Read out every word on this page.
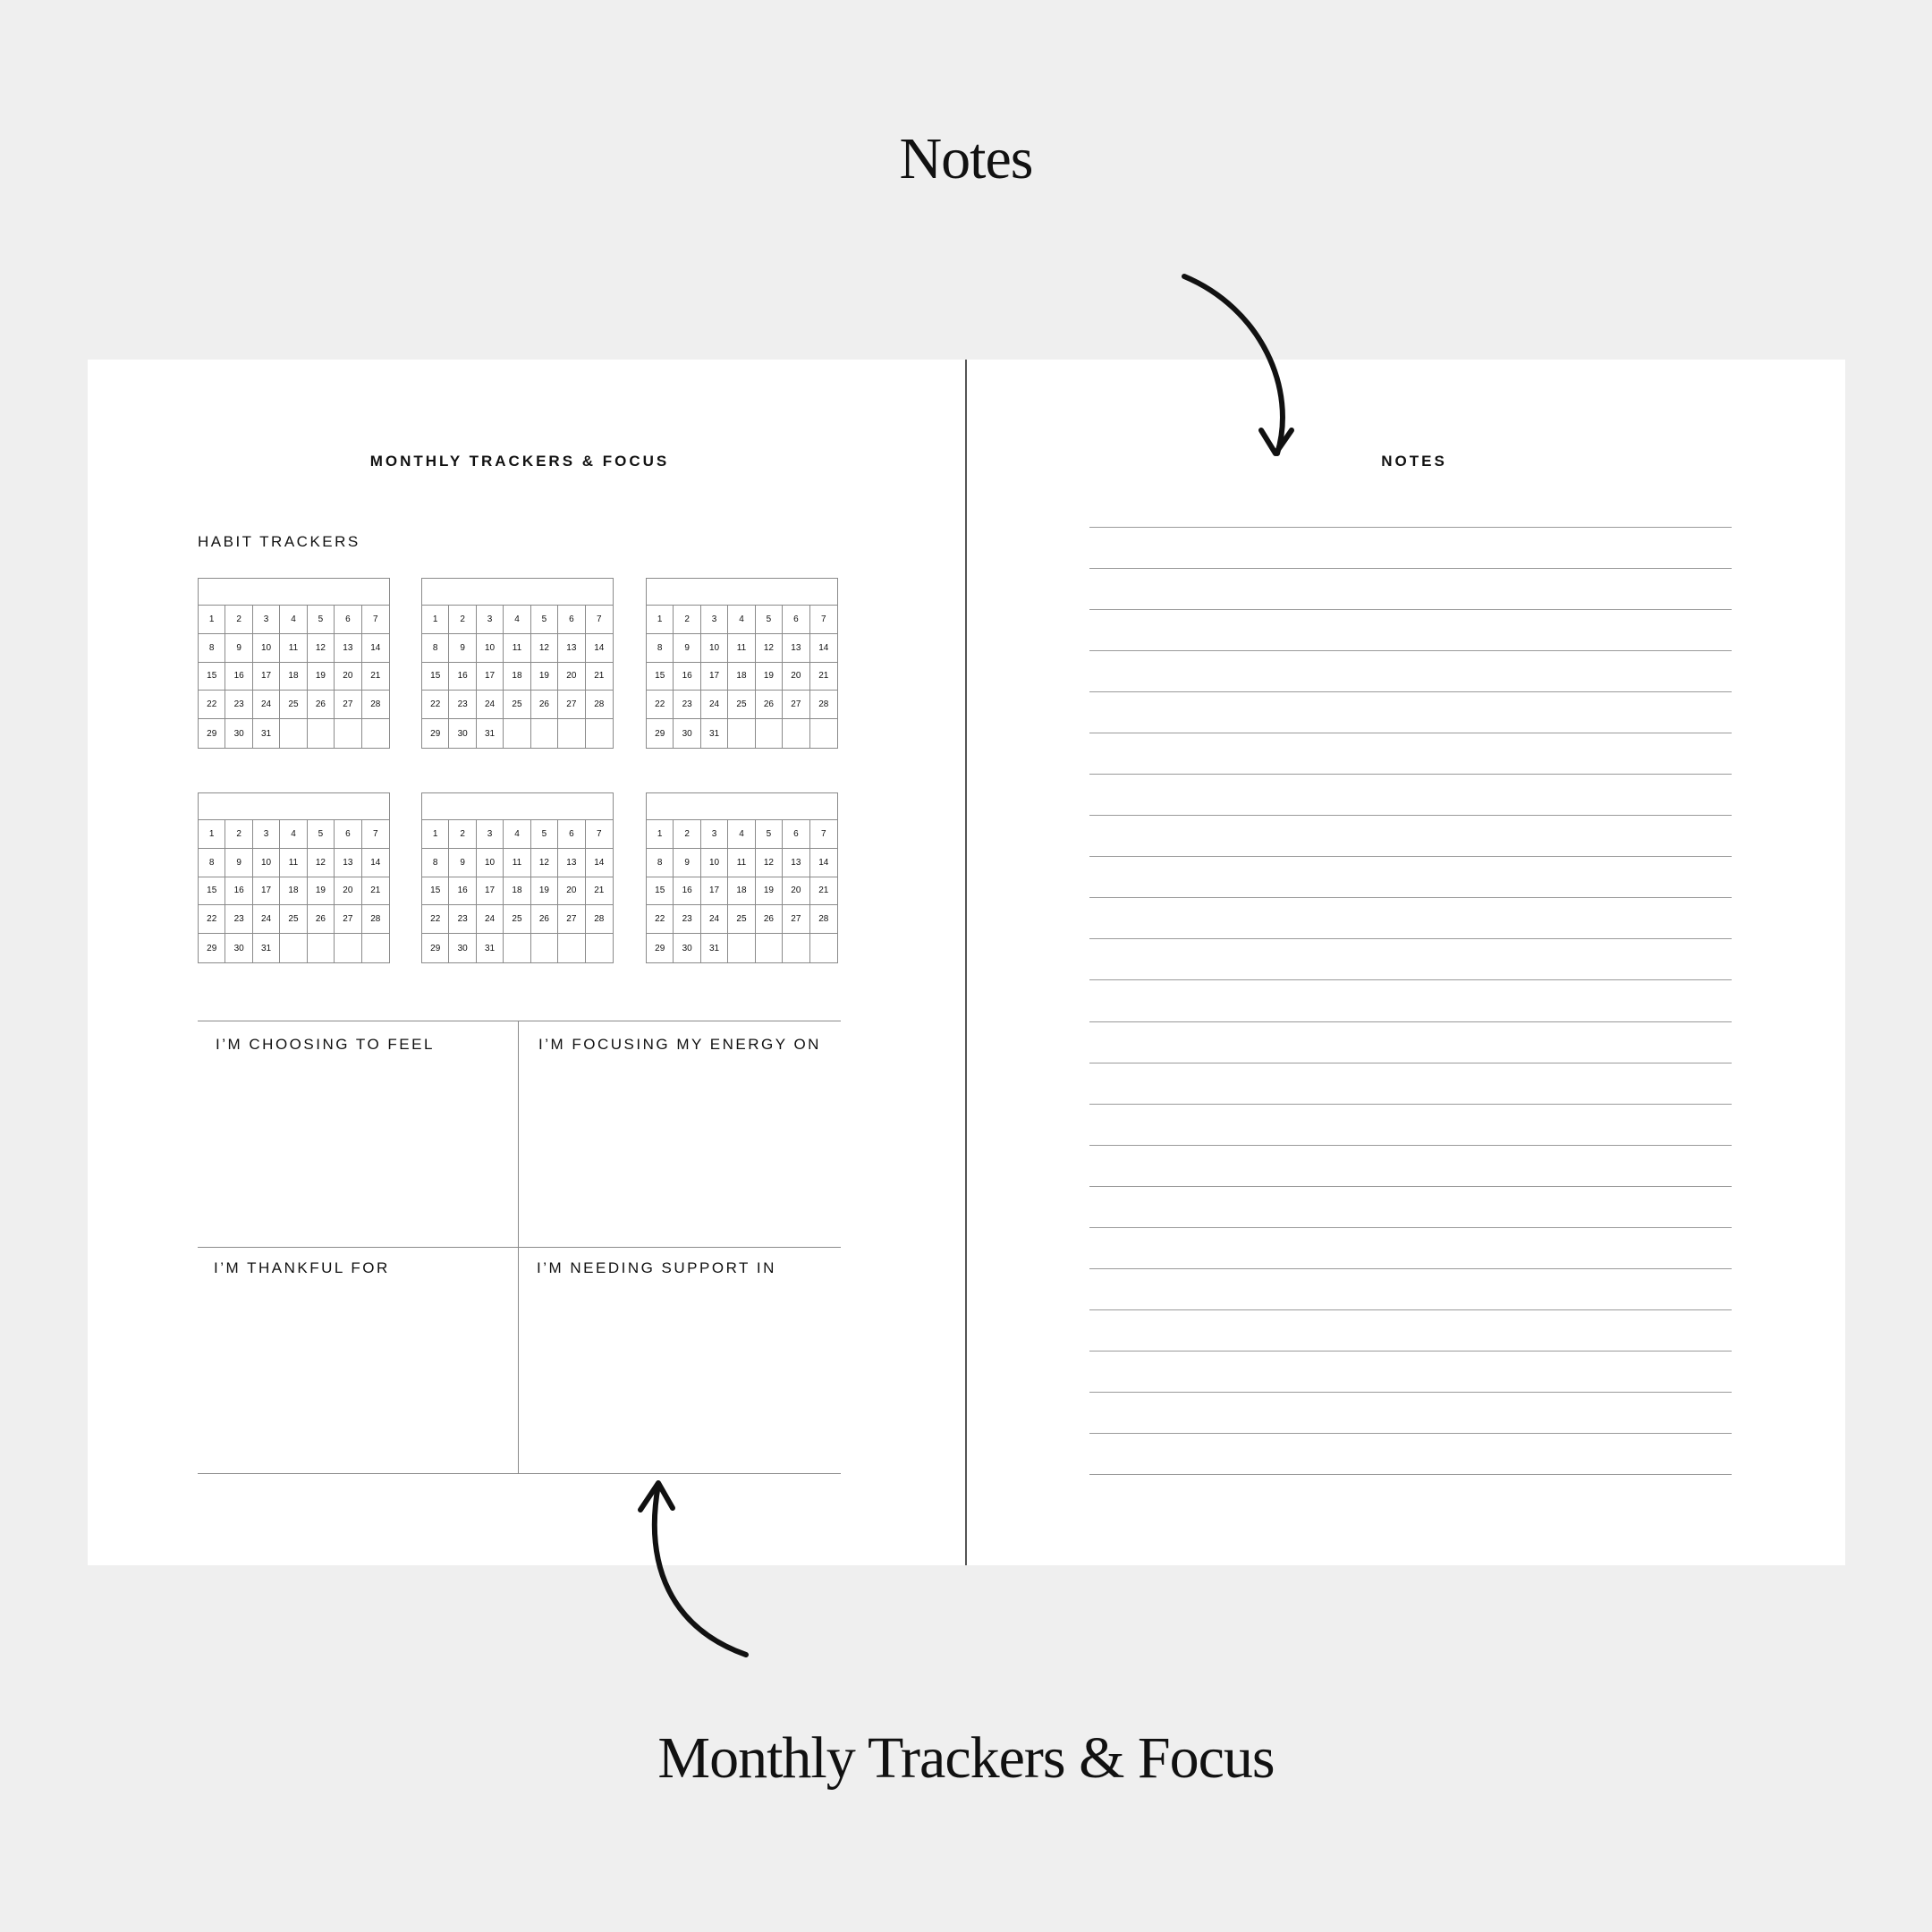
Notes
MONTHLY TRACKERS & FOCUS
HABIT TRACKERS
1	2	3	4	5	6	7
8	9	10	11	12	13	14
15	16	17	18	19	20	21
22	23	24	25	26	27	28
29	30	31
1	2	3	4	5	6	7
8	9	10	11	12	13	14
15	16	17	18	19	20	21
22	23	24	25	26	27	28
29	30	31
1	2	3	4	5	6	7
8	9	10	11	12	13	14
15	16	17	18	19	20	21
22	23	24	25	26	27	28
29	30	31
1	2	3	4	5	6	7
8	9	10	11	12	13	14
15	16	17	18	19	20	21
22	23	24	25	26	27	28
29	30	31
1	2	3	4	5	6	7
8	9	10	11	12	13	14
15	16	17	18	19	20	21
22	23	24	25	26	27	28
29	30	31
1	2	3	4	5	6	7
8	9	10	11	12	13	14
15	16	17	18	19	20	21
22	23	24	25	26	27	28
29	30	31
I’M CHOOSING TO FEEL	I’M FOCUSING MY ENERGY ON
I’M THANKFUL FOR	I’M NEEDING SUPPORT IN
NOTES
Monthly Trackers & Focus
